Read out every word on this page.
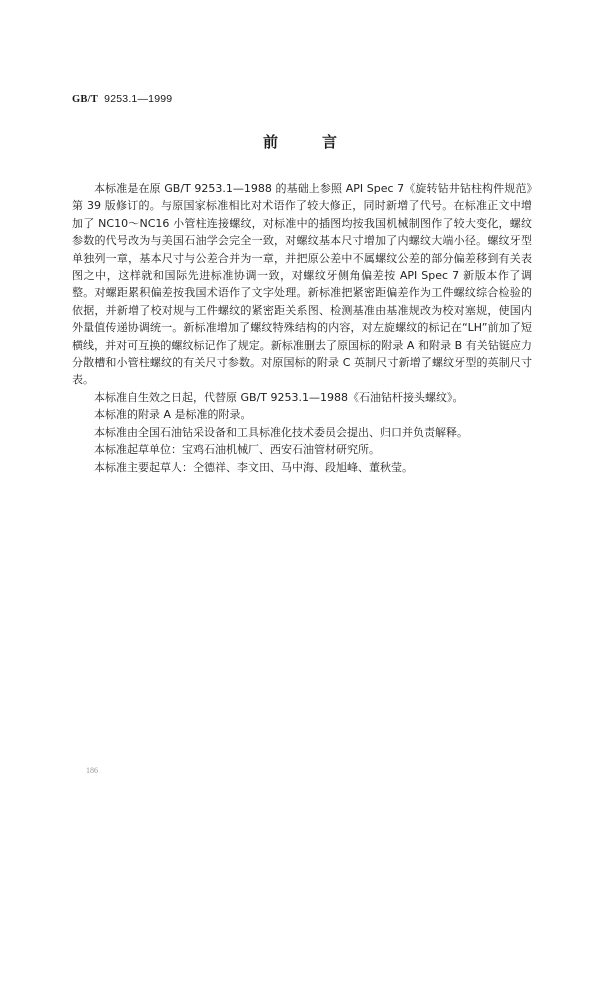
GB/T 9253.1—1999
前	言

本标准是在原 GB/T 9253.1—1988 的基础上参照 API Spec 7《旋转钻井钻柱构件规范》第 39 版修订的。与原国家标准相比对术语作了较大修正，同时新增了代号。在标准正文中增加了 NC10～NC16 小管柱连接螺纹，对标准中的插图均按我国机械制图作了较大变化，螺纹参数的代号改为与美国石油学会完全一致，对螺纹基本尺寸增加了内螺纹大端小径。螺纹牙型单独列一章，基本尺寸与公差合并为一章，并把原公差中不属螺纹公差的部分偏差移到有关表图之中，这样就和国际先进标准协调一致，对螺纹牙侧角偏差按 API Spec 7 新版本作了调整。对螺距累积偏差按我国术语作了文字处理。新标准把紧密距偏差作为工件螺纹综合检验的依据，并新增了校对规与工件螺纹的紧密距关系图、检测基准由基准规改为校对塞规，使国内外量值传递协调统一。新标准增加了螺纹特殊结构的内容，对左旋螺纹的标记在“LH”前加了短横线，并对可互换的螺纹标记作了规定。新标准删去了原国标的附录 A 和附录 B 有关钻铤应力分散槽和小管柱螺纹的有关尺寸参数。对原国标的附录 C 英制尺寸新增了螺纹牙型的英制尺寸表。

本标准自生效之日起，代替原 GB/T 9253.1—1988《石油钻杆接头螺纹》。

本标准的附录 A 是标准的附录。

本标准由全国石油钻采设备和工具标准化技术委员会提出、归口并负责解释。

本标准起草单位：宝鸡石油机械厂、西安石油管材研究所。

本标准主要起草人：仝德祥、李文田、马中海、段旭峰、董秋莹。

186
